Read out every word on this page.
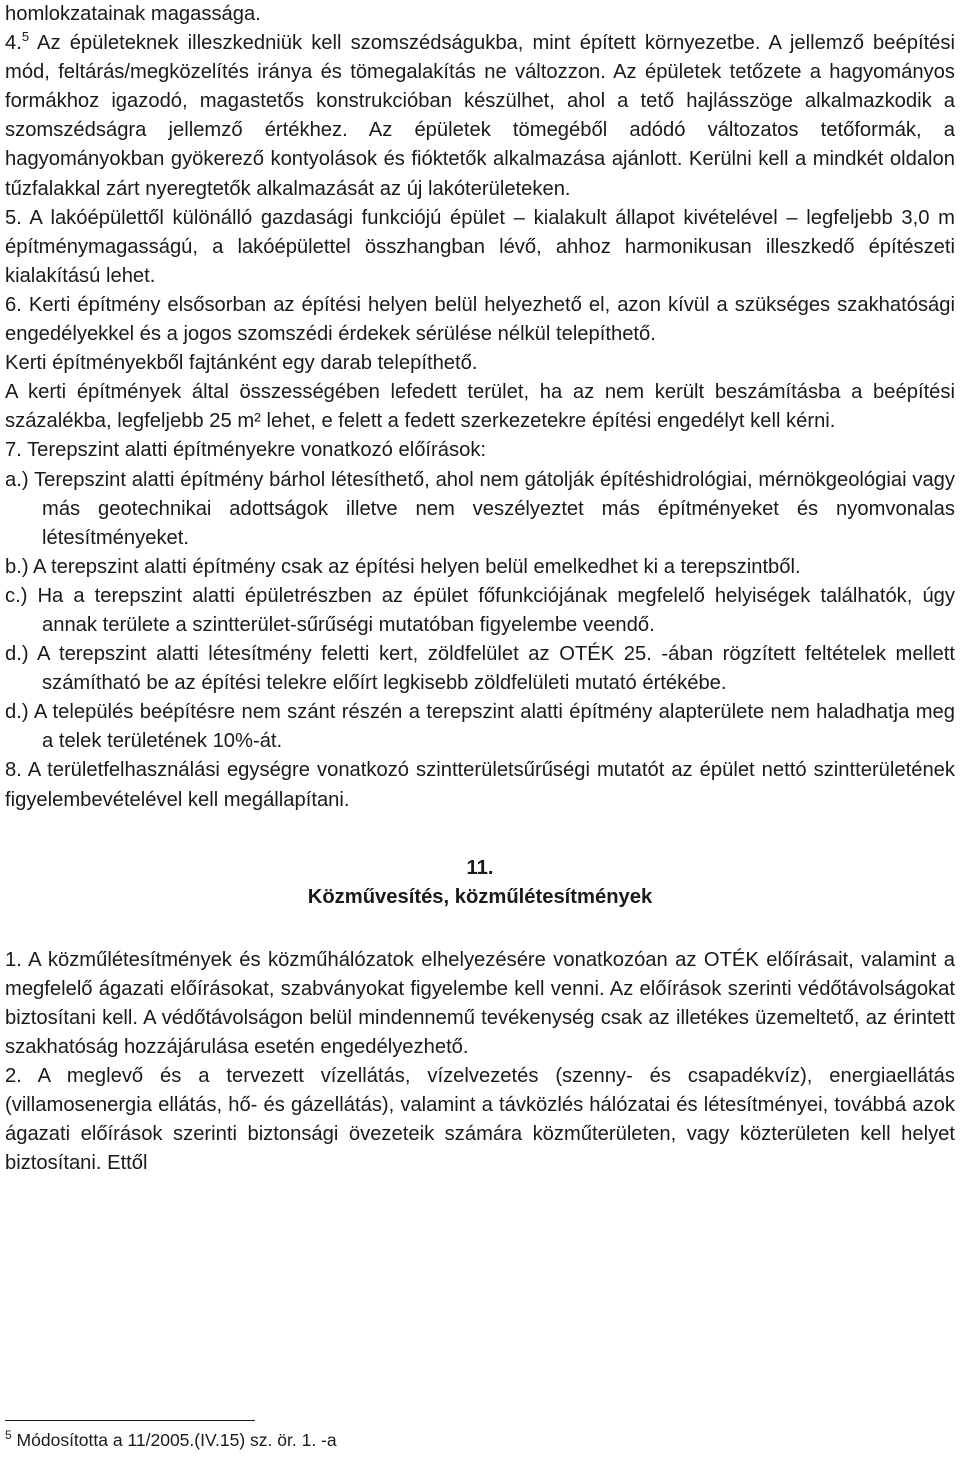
homlokzatainak magassága.

4.$^5$ Az épületeknek illeszkedniük kell szomszédságukba, mint épített környezetbe. A jellemző beépítési mód, feltárás/megközelítés iránya és tömegalakítás ne változzon. Az épületek tetőzete a hagyományos formákhoz igazodó, magastetős konstrukcióban készülhet, ahol a tető hajlásszöge alkalmazkodik a szomszédságra jellemző értékhez. Az épületek tömegéből adódó változatos tetőformák, a hagyományokban gyökerező kontyolások és fióktetők alkalmazása ajánlott. Kerülni kell a mindkét oldalon tűzfalakkal zárt nyeregtetők alkalmazását az új lakóterületeken.

5. A lakóépülettől különálló gazdasági funkciójú épület – kialakult állapot kivételével – legfeljebb 3,0 m építménymagasságú, a lakóépülettel összhangban lévő, ahhoz harmonikusan illeszkedő építészeti kialakítású lehet.

6. Kerti építmény elsősorban az építési helyen belül helyezhető el, azon kívül a szükséges szakhatósági engedélyekkel és a jogos szomszédi érdekek sérülése nélkül telepíthető.

Kerti építményekből fajtánként egy darab telepíthető.

A kerti építmények által összességében lefedett terület, ha az nem került beszámításba a beépítési százalékba, legfeljebb 25 m² lehet, e felett a fedett szerkezetekre építési engedélyt kell kérni.

7. Terepszint alatti építményekre vonatkozó előírások:

a.) Terepszint alatti építmény bárhol létesíthető, ahol nem gátolják építéshidrológiai, mérnökgeológiai vagy más geotechnikai adottságok illetve nem veszélyeztet más építményeket és nyomvonalas létesítményeket.

b.) A terepszint alatti építmény csak az építési helyen belül emelkedhet ki a terepszintből.

c.) Ha a terepszint alatti épületrészben az épület főfunkciójának megfelelő helyiségek találhatók, úgy annak területe a szintterület-sűrűségi mutatóban figyelembe veendő.

d.) A terepszint alatti létesítmény feletti kert, zöldfelület az OTÉK 25. -ában rögzített feltételek mellett számítható be az építési telekre előírt legkisebb zöldfelületi mutató értékébe.

d.) A település beépítésre nem szánt részén a terepszint alatti építmény alapterülete nem haladhatja meg a telek területének 10%-át.

8. A területfelhasználási egységre vonatkozó szintterületsűrűségi mutatót az épület nettó szintterületének figyelembevételével kell megállapítani.

11.

Közművesítés, közműlétesítmények

1. A közműlétesítmények és közműhálózatok elhelyezésére vonatkozóan az OTÉK előírásait, valamint a megfelelő ágazati előírásokat, szabványokat figyelembe kell venni. Az előírások szerinti védőtávolságokat biztosítani kell. A védőtávolságon belül mindennemű tevékenység csak az illetékes üzemeltető, az érintett szakhatóság hozzájárulása esetén engedélyezhető.

2. A meglevő és a tervezett vízellátás, vízelvezetés (szenny- és csapadékvíz), energiaellátás (villamosenergia ellátás, hő- és gázellátás), valamint a távközlés hálózatai és létesítményei, továbbá azok ágazati előírások szerinti biztonsági övezeteik számára közműterületen, vagy közterületen kell helyet biztosítani. Ettől

$^5$ Módosította a 11/2005.(IV.15) sz. ör. 1. -a
